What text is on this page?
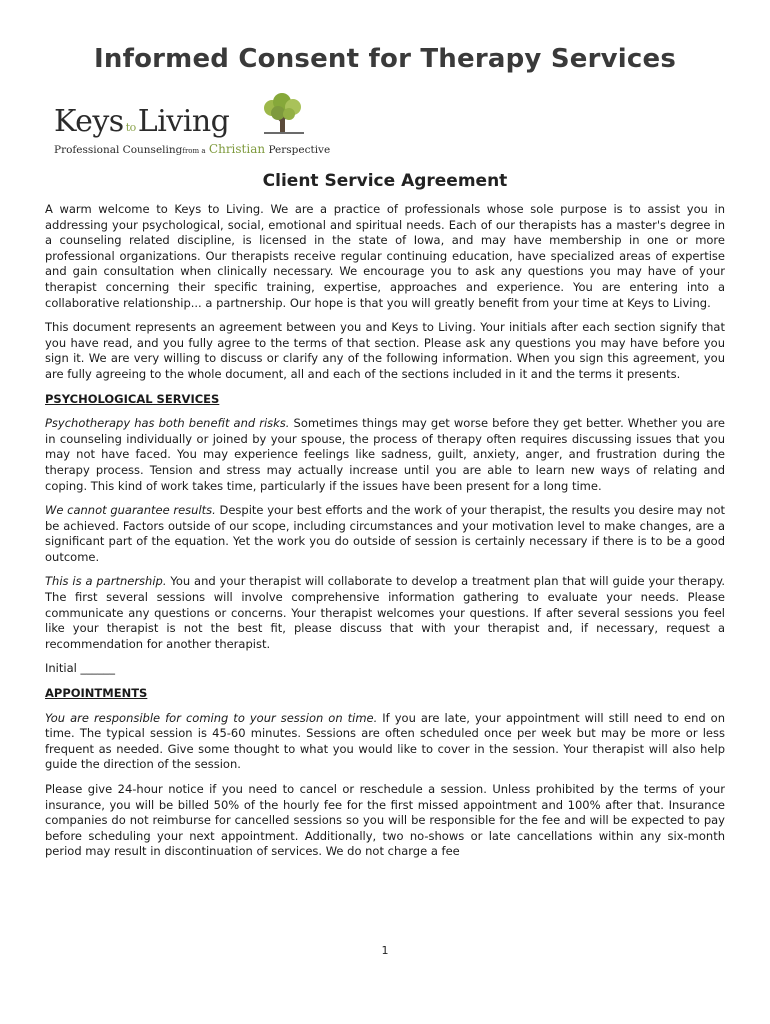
Informed Consent for Therapy Services
Keys toLiving
Professional Counselingfrom a Christian Perspective
Client Service Agreement

A warm welcome to Keys to Living. We are a practice of professionals whose sole purpose is to assist you in addressing your psychological, social, emotional and spiritual needs. Each of our therapists has a master's degree in a counseling related discipline, is licensed in the state of Iowa, and may have membership in one or more professional organizations. Our therapists receive regular continuing education, have specialized areas of expertise and gain consultation when clinically necessary. We encourage you to ask any questions you may have of your therapist concerning their specific training, expertise, approaches and experience. You are entering into a collaborative relationship... a partnership. Our hope is that you will greatly benefit from your time at Keys to Living.

This document represents an agreement between you and Keys to Living. Your initials after each section signify that you have read, and you fully agree to the terms of that section. Please ask any questions you may have before you sign it. We are very willing to discuss or clarify any of the following information. When you sign this agreement, you are fully agreeing to the whole document, all and each of the sections included in it and the terms it presents.

PSYCHOLOGICAL SERVICES

Psychotherapy has both benefit and risks. Sometimes things may get worse before they get better. Whether you are in counseling individually or joined by your spouse, the process of therapy often requires discussing issues that you may not have faced. You may experience feelings like sadness, guilt, anxiety, anger, and frustration during the therapy process. Tension and stress may actually increase until you are able to learn new ways of relating and coping. This kind of work takes time, particularly if the issues have been present for a long time.

We cannot guarantee results. Despite your best efforts and the work of your therapist, the results you desire may not be achieved. Factors outside of our scope, including circumstances and your motivation level to make changes, are a significant part of the equation. Yet the work you do outside of session is certainly necessary if there is to be a good outcome.

This is a partnership. You and your therapist will collaborate to develop a treatment plan that will guide your therapy. The first several sessions will involve comprehensive information gathering to evaluate your needs. Please communicate any questions or concerns. Your therapist welcomes your questions. If after several sessions you feel like your therapist is not the best fit, please discuss that with your therapist and, if necessary, request a recommendation for another therapist.

Initial ______

APPOINTMENTS

You are responsible for coming to your session on time. If you are late, your appointment will still need to end on time. The typical session is 45-60 minutes. Sessions are often scheduled once per week but may be more or less frequent as needed. Give some thought to what you would like to cover in the session. Your therapist will also help guide the direction of the session.

Please give 24-hour notice if you need to cancel or reschedule a session. Unless prohibited by the terms of your insurance, you will be billed 50% of the hourly fee for the first missed appointment and 100% after that. Insurance companies do not reimburse for cancelled sessions so you will be responsible for the fee and will be expected to pay before scheduling your next appointment. Additionally, two no-shows or late cancellations within any six-month period may result in discontinuation of services. We do not charge a fee

1
